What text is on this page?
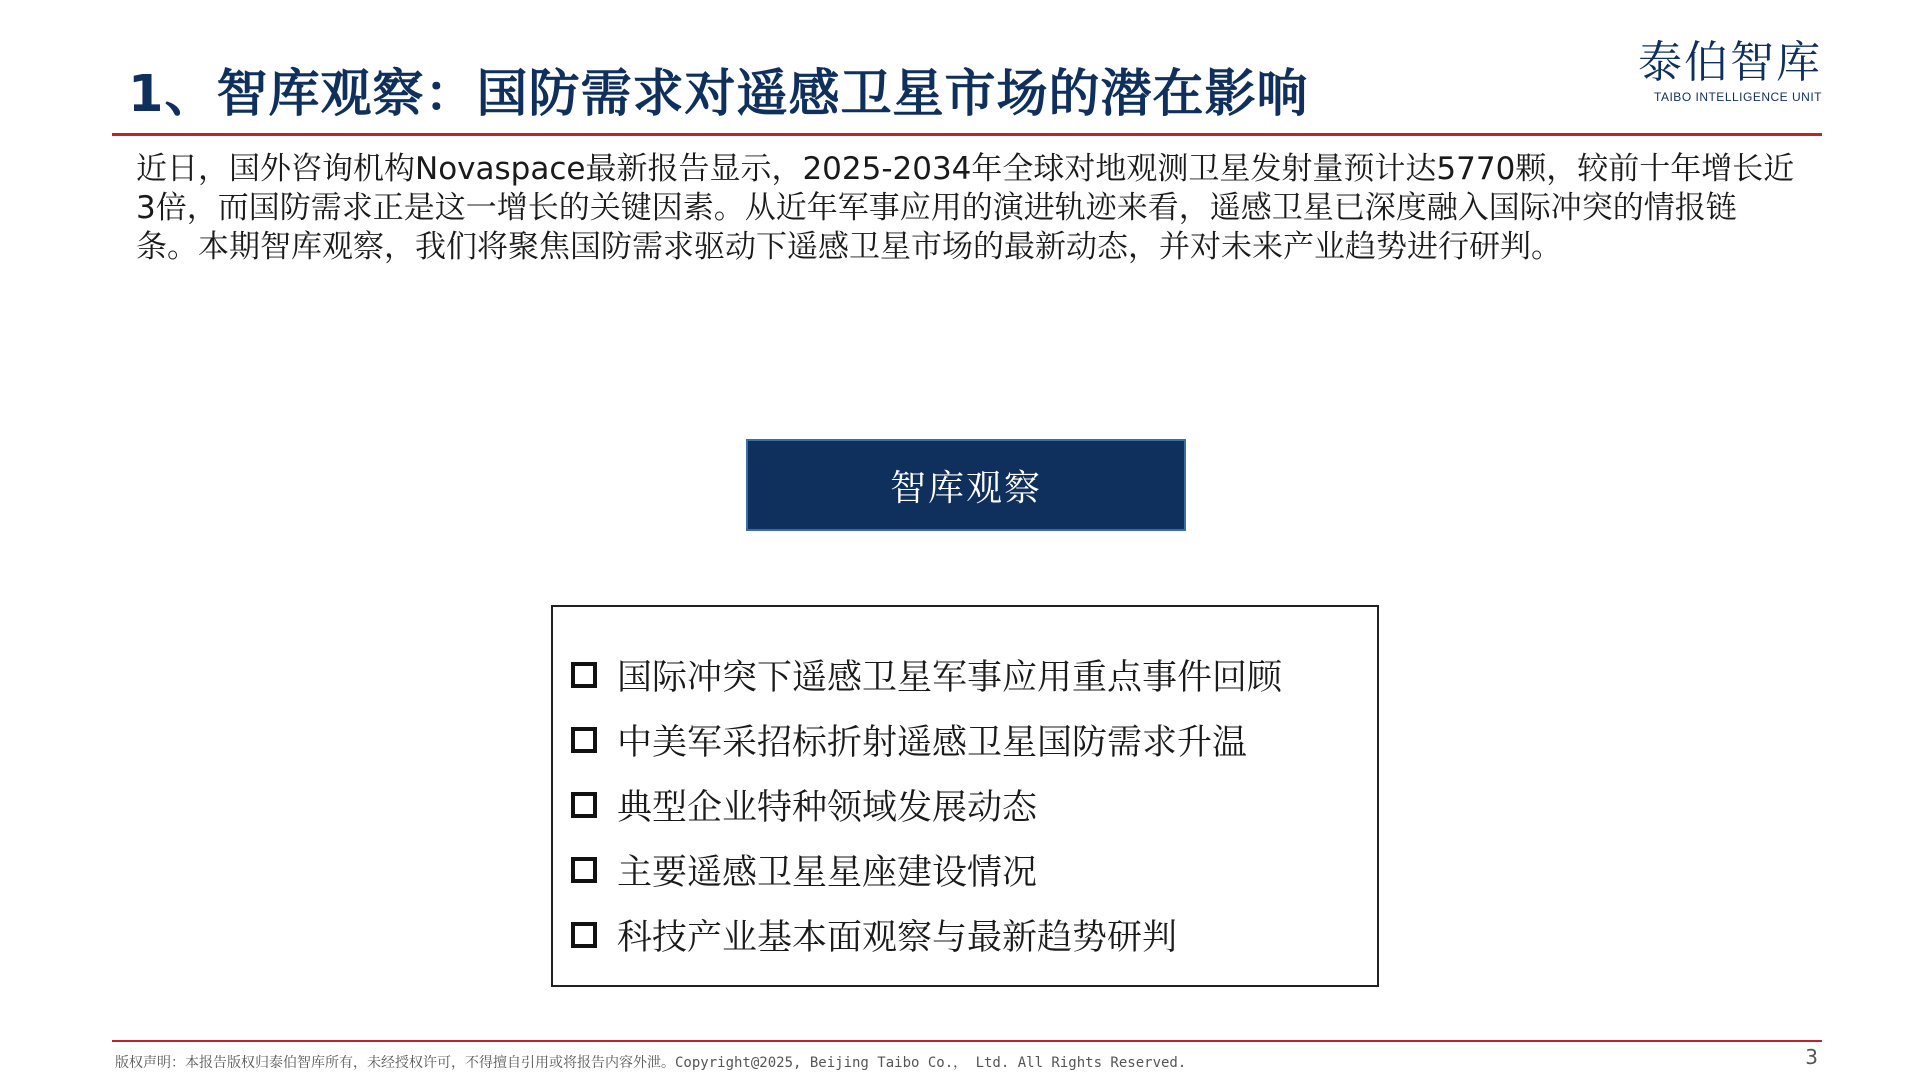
1、智库观察：国防需求对遥感卫星市场的潜在影响
泰伯智库
TAIBO INTELLIGENCE UNIT

近日，国外咨询机构Novaspace最新报告显示，2025-2034年全球对地观测卫星发射量预计达5770颗，较前十年增长近3倍，而国防需求正是这一增长的关键因素。从近年军事应用的演进轨迹来看，遥感卫星已深度融入国际冲突的情报链条。本期智库观察，我们将聚焦国防需求驱动下遥感卫星市场的最新动态，并对未来产业趋势进行研判。

智库观察
国际冲突下遥感卫星军事应用重点事件回顾
中美军采招标折射遥感卫星国防需求升温
典型企业特种领域发展动态
主要遥感卫星星座建设情况
科技产业基本面观察与最新趋势研判
版权声明：本报告版权归泰伯智库所有，未经授权许可，不得擅自引用或将报告内容外泄。Copyright@2025, Beijing Taibo Co.， Ltd. All Rights Reserved.	3
